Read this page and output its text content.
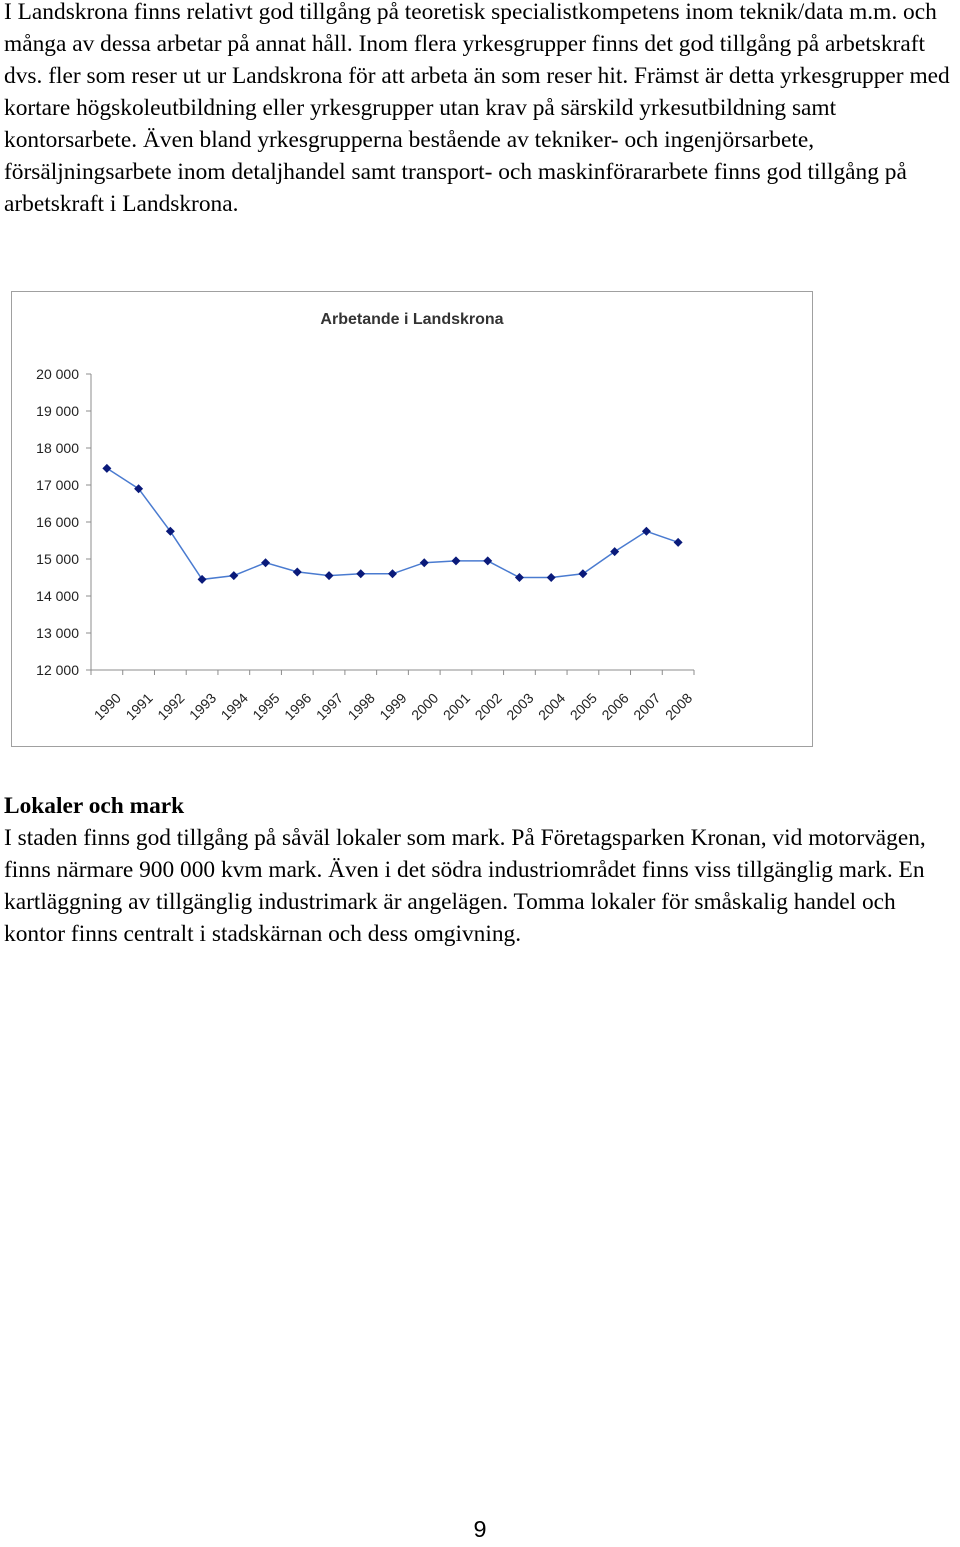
I Landskrona finns relativt god tillgång på teoretisk specialistkompetens inom teknik/data m.m. och många av dessa arbetar på annat håll. Inom flera yrkesgrupper finns det god tillgång på arbetskraft dvs. fler som reser ut ur Landskrona för att arbeta än som reser hit. Främst är detta yrkesgrupper med kortare högskoleutbildning eller yrkesgrupper utan krav på särskild yrkesutbildning samt kontorsarbete. Även bland yrkesgrupperna bestående av tekniker- och ingenjörsarbete, försäljningsarbete inom detaljhandel samt transport- och maskinförararbete finns god tillgång på arbetskraft i Landskrona.

Arbetande i Landskrona
12 000
13 000
14 000
15 000
16 000
17 000
18 000
19 000
20 000
1990
1991
1992
1993
1994
1995
1996
1997
1998
1999
2000
2001
2002
2003
2004
2005
2006
2007
2008

Lokaler och mark

I staden finns god tillgång på såväl lokaler som mark. På Företagsparken Kronan, vid motorvägen, finns närmare 900 000 kvm mark. Även i det södra industriområdet finns viss tillgänglig mark. En kartläggning av tillgänglig industrimark är angelägen. Tomma lokaler för småskalig handel och kontor finns centralt i stadskärnan och dess omgivning.

9
